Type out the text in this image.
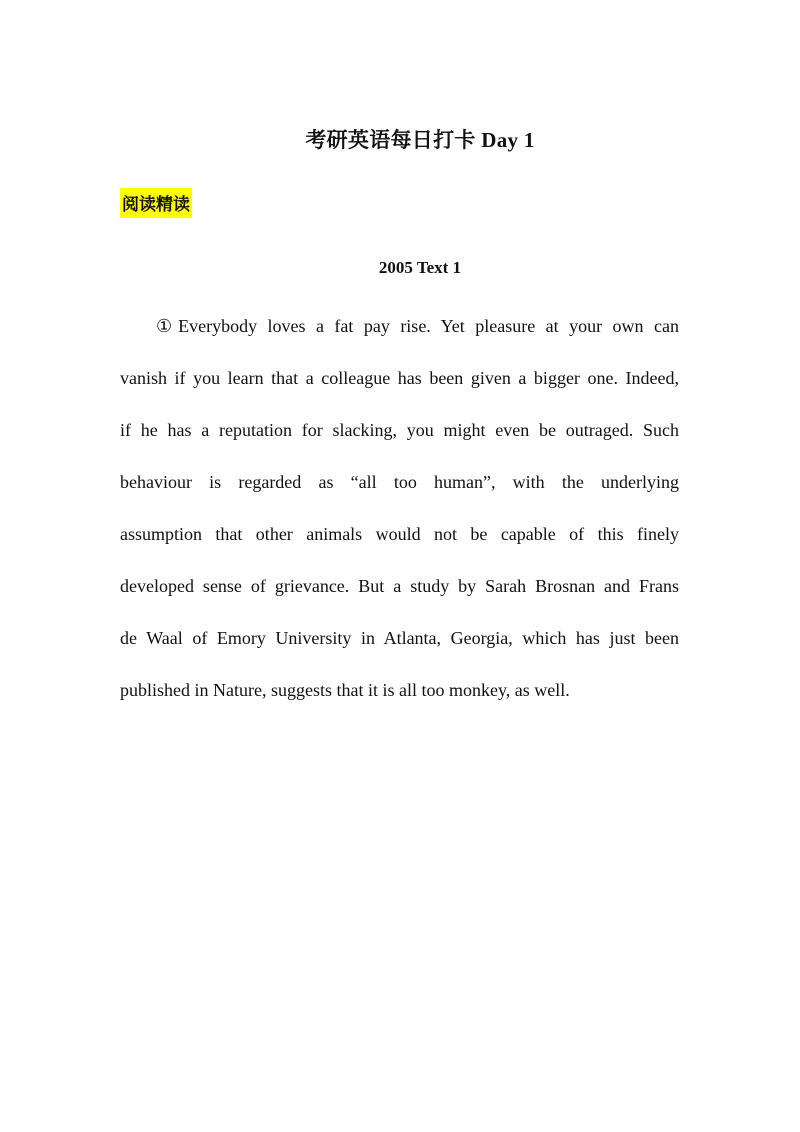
考研英语每日打卡 Day 1
阅读精读
2005 Text 1
①Everybody loves a fat pay rise. Yet pleasure at your own can
vanish if you learn that a colleague has been given a bigger one. Indeed,
if he has a reputation for slacking, you might even be outraged. Such
behaviour is regarded as “all too human”, with the underlying
assumption that other animals would not be capable of this finely
developed sense of grievance. But a study by Sarah Brosnan and Frans
de Waal of Emory University in Atlanta, Georgia, which has just been
published in Nature, suggests that it is all too monkey, as well.
